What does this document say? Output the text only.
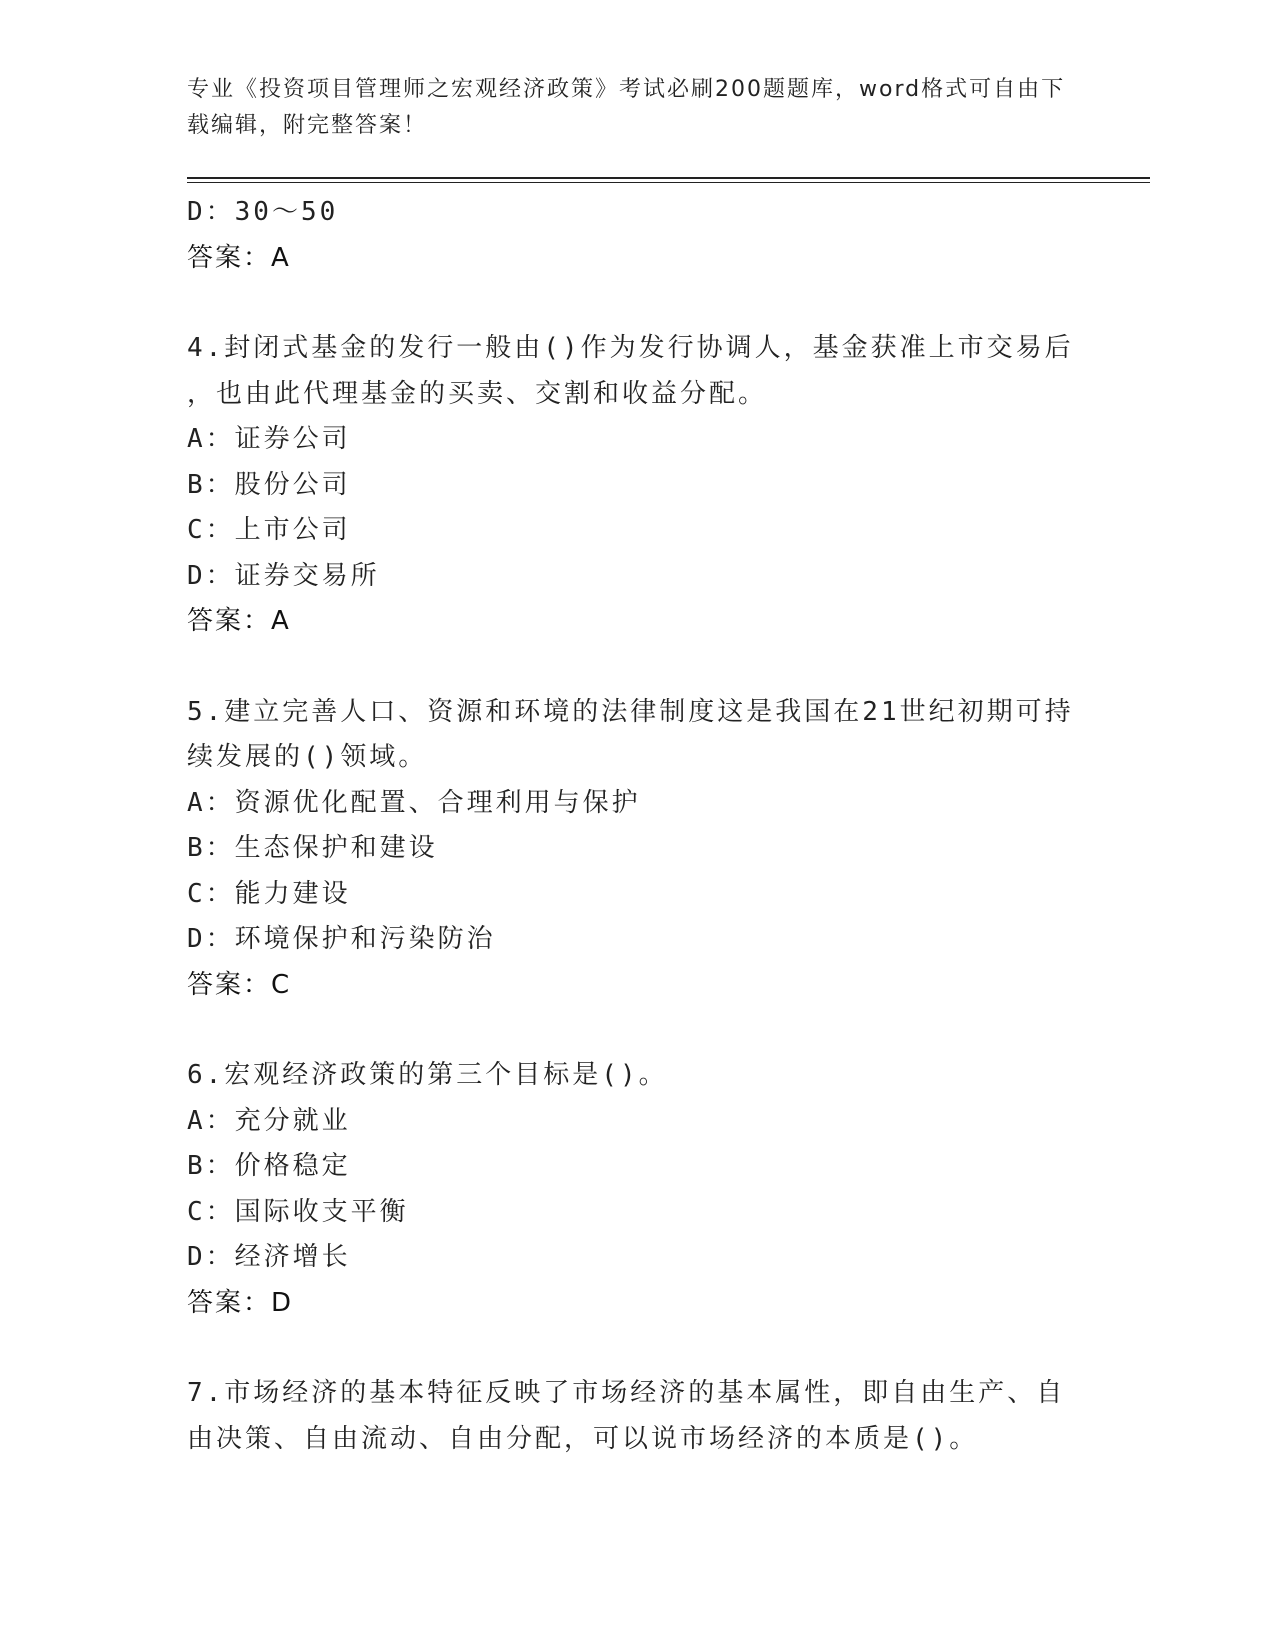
专业《投资项目管理师之宏观经济政策》考试必刷200题题库，word格式可自由下载编辑，附完整答案！
D：30～50
答案：A
4.封闭式基金的发行一般由()作为发行协调人，基金获准上市交易后
，也由此代理基金的买卖、交割和收益分配。
A：证券公司
B：股份公司
C：上市公司
D：证券交易所
答案：A
5.建立完善人口、资源和环境的法律制度这是我国在21世纪初期可持
续发展的()领域。
A：资源优化配置、合理利用与保护
B：生态保护和建设
C：能力建设
D：环境保护和污染防治
答案：C
6.宏观经济政策的第三个目标是()。
A：充分就业
B：价格稳定
C：国际收支平衡
D：经济增长
答案：D
7.市场经济的基本特征反映了市场经济的基本属性，即自由生产、自
由决策、自由流动、自由分配，可以说市场经济的本质是()。
